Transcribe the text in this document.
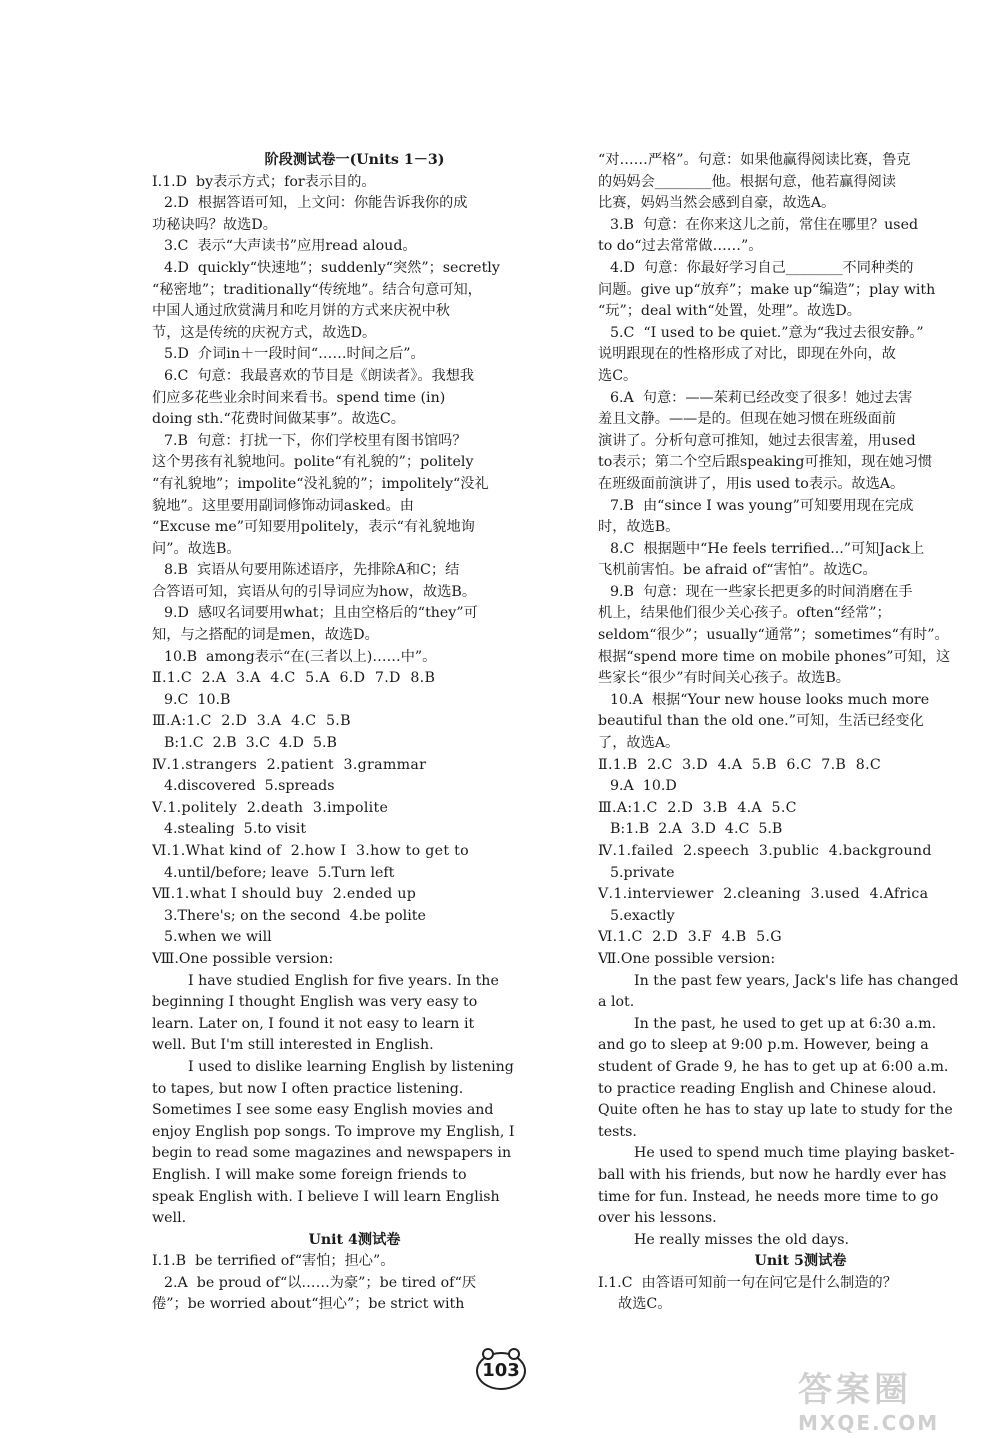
阶段测试卷一(Units 1－3)
Ⅰ.1.D  by表示方式；for表示目的。
2.D  根据答语可知，上文问：你能告诉我你的成
功秘诀吗？故选D。
3.C  表示“大声读书”应用read aloud。
4.D  quickly“快速地”；suddenly“突然”；secretly
“秘密地”；traditionally“传统地”。结合句意可知，
中国人通过欣赏满月和吃月饼的方式来庆祝中秋
节，这是传统的庆祝方式，故选D。
5.D  介词in＋一段时间“……时间之后”。
6.C  句意：我最喜欢的节目是《朗读者》。我想我
们应多花些业余时间来看书。spend time (in)
doing sth.“花费时间做某事”。故选C。
7.B  句意：打扰一下，你们学校里有图书馆吗？
这个男孩有礼貌地问。polite“有礼貌的”；politely
“有礼貌地”；impolite“没礼貌的”；impolitely“没礼
貌地”。这里要用副词修饰动词asked。由
“Excuse me”可知要用politely，表示“有礼貌地询
问”。故选B。
8.B  宾语从句要用陈述语序，先排除A和C；结
合答语可知，宾语从句的引导词应为how，故选B。
9.D  感叹名词要用what；且由空格后的“they”可
知，与之搭配的词是men，故选D。
10.B  among表示“在(三者以上)……中”。
Ⅱ.1.C  2.A  3.A  4.C  5.A  6.D  7.D  8.B
9.C  10.B
Ⅲ.A:1.C  2.D  3.A  4.C  5.B
B:1.C  2.B  3.C  4.D  5.B
Ⅳ.1.strangers  2.patient  3.grammar
4.discovered  5.spreads
Ⅴ.1.politely  2.death  3.impolite
4.stealing  5.to visit
Ⅵ.1.What kind of  2.how I  3.how to get to
4.until/before; leave  5.Turn left
Ⅶ.1.what I should buy  2.ended up
3.There's; on the second  4.be polite
5.when we will
Ⅷ.One possible version:
I have studied English for five years. In the
beginning I thought English was very easy to
learn. Later on, I found it not easy to learn it
well. But I'm still interested in English.
I used to dislike learning English by listening
to tapes, but now I often practice listening.
Sometimes I see some easy English movies and
enjoy English pop songs. To improve my English, I
begin to read some magazines and newspapers in
English. I will make some foreign friends to
speak English with. I believe I will learn English
well.
Unit 4测试卷
Ⅰ.1.B  be terrified of“害怕；担心”。
2.A  be proud of“以……为豪”；be tired of“厌
倦”；be worried about“担心”；be strict with
“对……严格”。句意：如果他赢得阅读比赛，鲁克
的妈妈会________他。根据句意，他若赢得阅读
比赛，妈妈当然会感到自豪，故选A。
3.B  句意：在你来这儿之前，常住在哪里？used
to do“过去常常做……”。
4.D  句意：你最好学习自己________不同种类的
问题。give up“放弃”；make up“编造”；play with
“玩”；deal with“处置，处理”。故选D。
5.C  “I used to be quiet.”意为“我过去很安静。”
说明跟现在的性格形成了对比，即现在外向，故
选C。
6.A  句意：——茱莉已经改变了很多！她过去害
羞且文静。——是的。但现在她习惯在班级面前
演讲了。分析句意可推知，她过去很害羞，用used
to表示；第二个空后跟speaking可推知，现在她习惯
在班级面前演讲了，用is used to表示。故选A。
7.B  由“since I was young”可知要用现在完成
时，故选B。
8.C  根据题中“He feels terrified...”可知Jack上
飞机前害怕。be afraid of“害怕”。故选C。
9.B  句意：现在一些家长把更多的时间消磨在手
机上，结果他们很少关心孩子。often“经常”；
seldom“很少”；usually“通常”；sometimes“有时”。
根据“spend more time on mobile phones”可知，这
些家长“很少”有时间关心孩子。故选B。
10.A  根据“Your new house looks much more
beautiful than the old one.”可知，生活已经变化
了，故选A。
Ⅱ.1.B  2.C  3.D  4.A  5.B  6.C  7.B  8.C
9.A  10.D
Ⅲ.A:1.C  2.D  3.B  4.A  5.C
B:1.B  2.A  3.D  4.C  5.B
Ⅳ.1.failed  2.speech  3.public  4.background
5.private
Ⅴ.1.interviewer  2.cleaning  3.used  4.Africa
5.exactly
Ⅵ.1.C  2.D  3.F  4.B  5.G
Ⅶ.One possible version:
In the past few years, Jack's life has changed
a lot.
In the past, he used to get up at 6:30 a.m.
and go to sleep at 9:00 p.m. However, being a
student of Grade 9, he has to get up at 6:00 a.m.
to practice reading English and Chinese aloud.
Quite often he has to stay up late to study for the
tests.
He used to spend much time playing basket-
ball with his friends, but now he hardly ever has
time for fun. Instead, he needs more time to go
over his lessons.
He really misses the old days.
Unit 5测试卷
Ⅰ.1.C  由答语可知前一句在问它是什么制造的？
故选C。
103	答案圈
MXQE.COM
